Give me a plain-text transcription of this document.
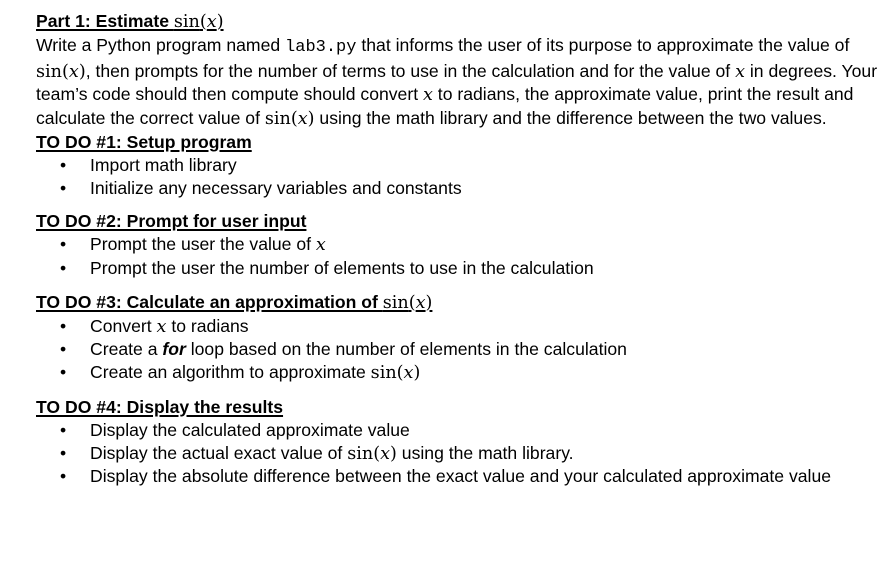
Part 1: Estimate sin(x)

Write a Python program named lab3.py that informs the user of its purpose to approximate the value of sin(x), then prompts for the number of terms to use in the calculation and for the value of x in degrees. Your team’s code should then compute should convert x to radians, the approximate value, print the result and calculate the correct value of sin(x) using the math library and the difference between the two values.

TO DO #1: Setup program
• Import math library
• Initialize any necessary variables and constants
TO DO #2: Prompt for user input
• Prompt the user the value of x
• Prompt the user the number of elements to use in the calculation
TO DO #3: Calculate an approximation of sin(x)
• Convert x to radians
• Create a for loop based on the number of elements in the calculation
• Create an algorithm to approximate sin(x)
TO DO #4: Display the results
• Display the calculated approximate value
• Display the actual exact value of sin(x) using the math library.
• Display the absolute difference between the exact value and your calculated approximate value
